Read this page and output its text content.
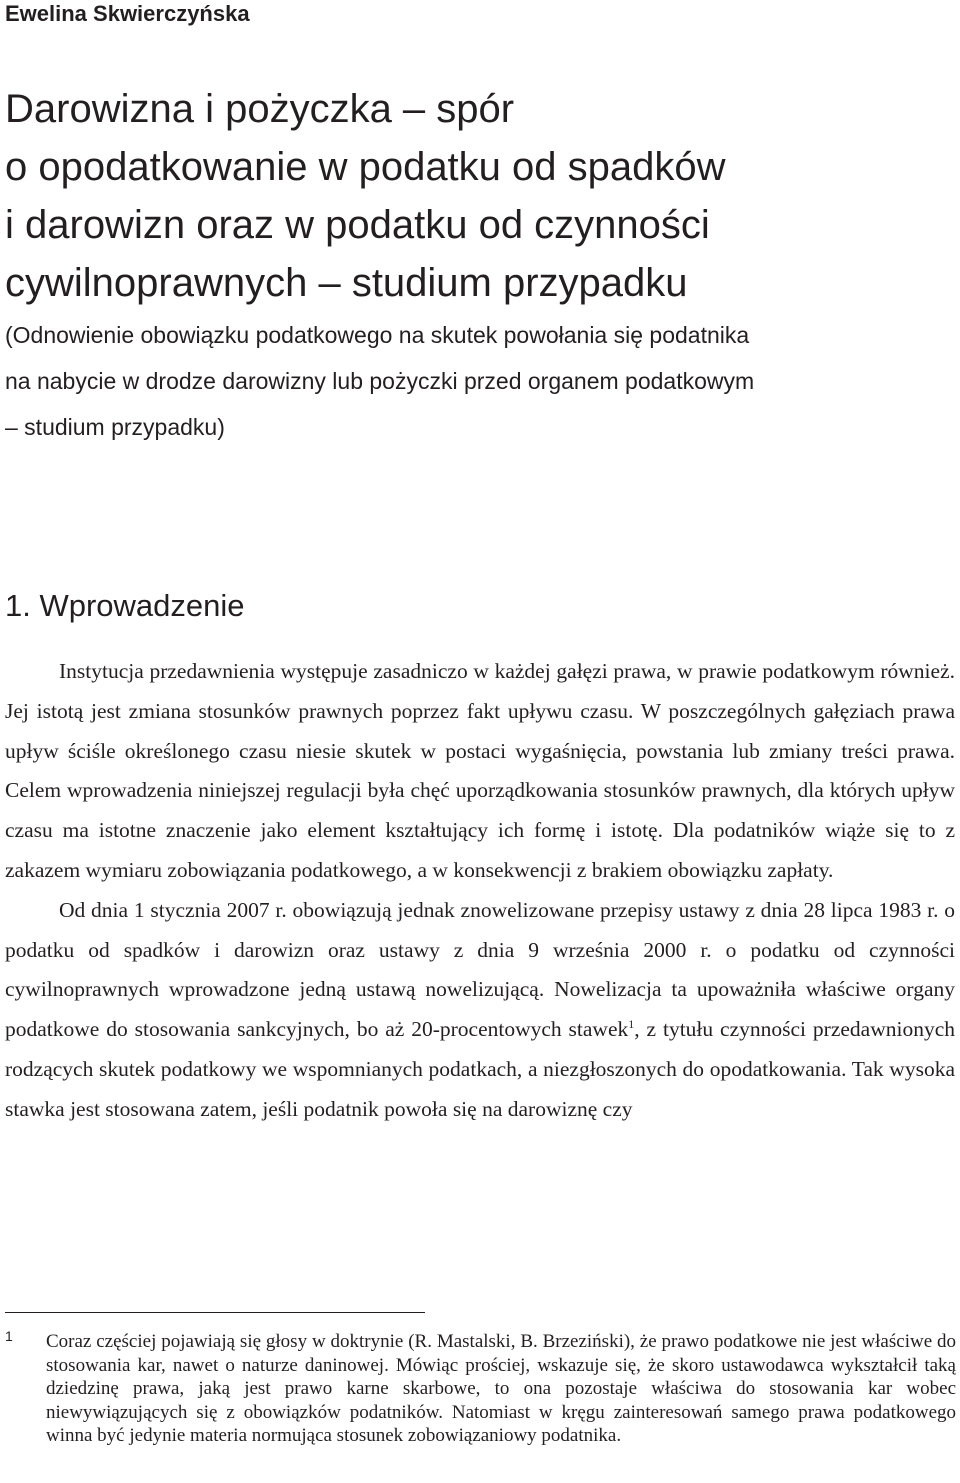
Ewelina Skwierczyńska
Darowizna i pożyczka – spór
o opodatkowanie w podatku od spadków
i darowizn oraz w podatku od czynności
cywilnoprawnych – studium przypadku
(Odnowienie obowiązku podatkowego na skutek powołania się podatnika
na nabycie w drodze darowizny lub pożyczki przed organem podatkowym
– studium przypadku)
1. Wprowadzenie

Instytucja przedawnienia występuje zasadniczo w każdej gałęzi prawa, w prawie podatkowym również. Jej istotą jest zmiana stosunków prawnych poprzez fakt upływu czasu. W poszczególnych gałęziach prawa upływ ściśle określonego czasu niesie skutek w postaci wygaśnięcia, powstania lub zmiany treści prawa. Celem wprowadzenia niniejszej regulacji była chęć uporządkowania stosunków prawnych, dla których upływ czasu ma istotne znaczenie jako element kształtujący ich formę i istotę. Dla podatników wiąże się to z zakazem wymiaru zobowiązania podatkowego, a w konsekwencji z brakiem obowiązku zapłaty.

Od dnia 1 stycznia 2007 r. obowiązują jednak znowelizowane przepisy ustawy z dnia 28 lipca 1983 r. o podatku od spadków i darowizn oraz ustawy z dnia 9 września 2000 r. o podatku od czynności cywilnoprawnych wprowadzone jedną ustawą nowelizującą. Nowelizacja ta upoważniła właściwe organy podatkowe do stosowania sankcyjnych, bo aż 20-procentowych stawek$^1$, z tytułu czynności przedawnionych rodzących skutek podatkowy we wspomnianych podatkach, a niezgłoszonych do opodatkowania. Tak wysoka stawka jest stosowana zatem, jeśli podatnik powoła się na darowiznę czy

1 Coraz częściej pojawiają się głosy w doktrynie (R. Mastalski, B. Brzeziński), że prawo podatkowe nie jest właściwe do stosowania kar, nawet o naturze daninowej. Mówiąc prościej, wskazuje się, że skoro ustawodawca wykształcił taką dziedzinę prawa, jaką jest prawo karne skarbowe, to ona pozostaje właściwa do stosowania kar wobec niewywiązujących się z obowiązków podatników. Natomiast w kręgu zainteresowań samego prawa podatkowego winna być jedynie materia normująca stosunek zobowiązaniowy podatnika.
